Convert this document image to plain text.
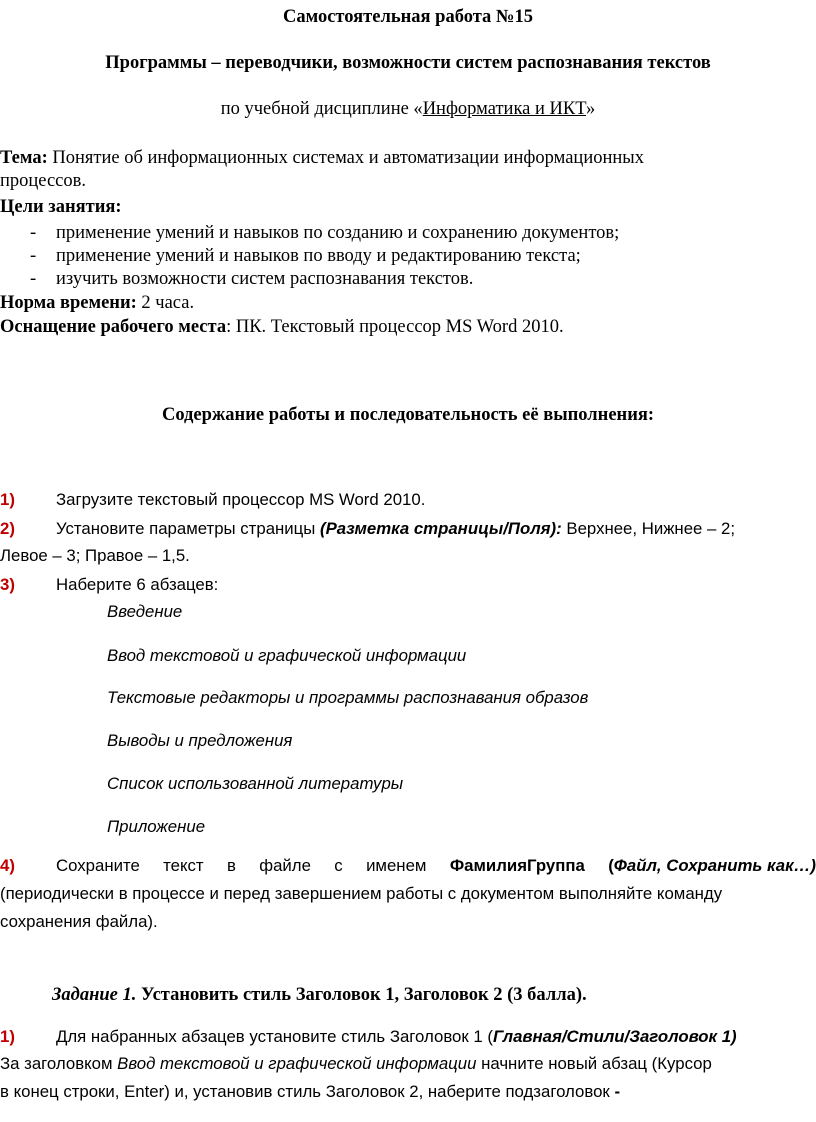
Самостоятельная работа №15
Программы – переводчики, возможности систем распознавания текстов
по учебной дисциплине «Информатика и ИКТ»
Тема: Понятие об информационных системах и автоматизации информационных
процессов.
Цели занятия:
- применение умений и навыков по созданию и сохранению документов;
- применение умений и навыков по вводу и редактированию текста;
- изучить возможности систем распознавания текстов.
Норма времени: 2 часа.
Оснащение рабочего места: ПК. Текстовый процессор MS Word 2010.
Содержание работы и последовательность её выполнения:
1) Загрузите текстовый процессор MS Word 2010.
2) Установите параметры страницы (Разметка страницы/Поля): Верхнее, Нижнее – 2;
Левое – 3; Правое – 1,5.
3) Наберите 6 абзацев:
Введение
Ввод текстовой и графической информации
Текстовые редакторы и программы распознавания образов
Выводы и предложения
Список использованной литературы
Приложение
4) Сохраните текст в файле с именем ФамилияГруппа (Файл, Сохранить как…)
(периодически в процессе и перед завершением работы с документом выполняйте команду
сохранения файла).
Задание 1. Установить стиль Заголовок 1, Заголовок 2 (3 балла).
1) Для набранных абзацев установите стиль Заголовок 1 (Главная/Стили/Заголовок 1)
За заголовком Ввод текстовой и графической информации начните новый абзац (Курсор
в конец строки, Enter) и, установив стиль Заголовок 2, наберите подзаголовок -
